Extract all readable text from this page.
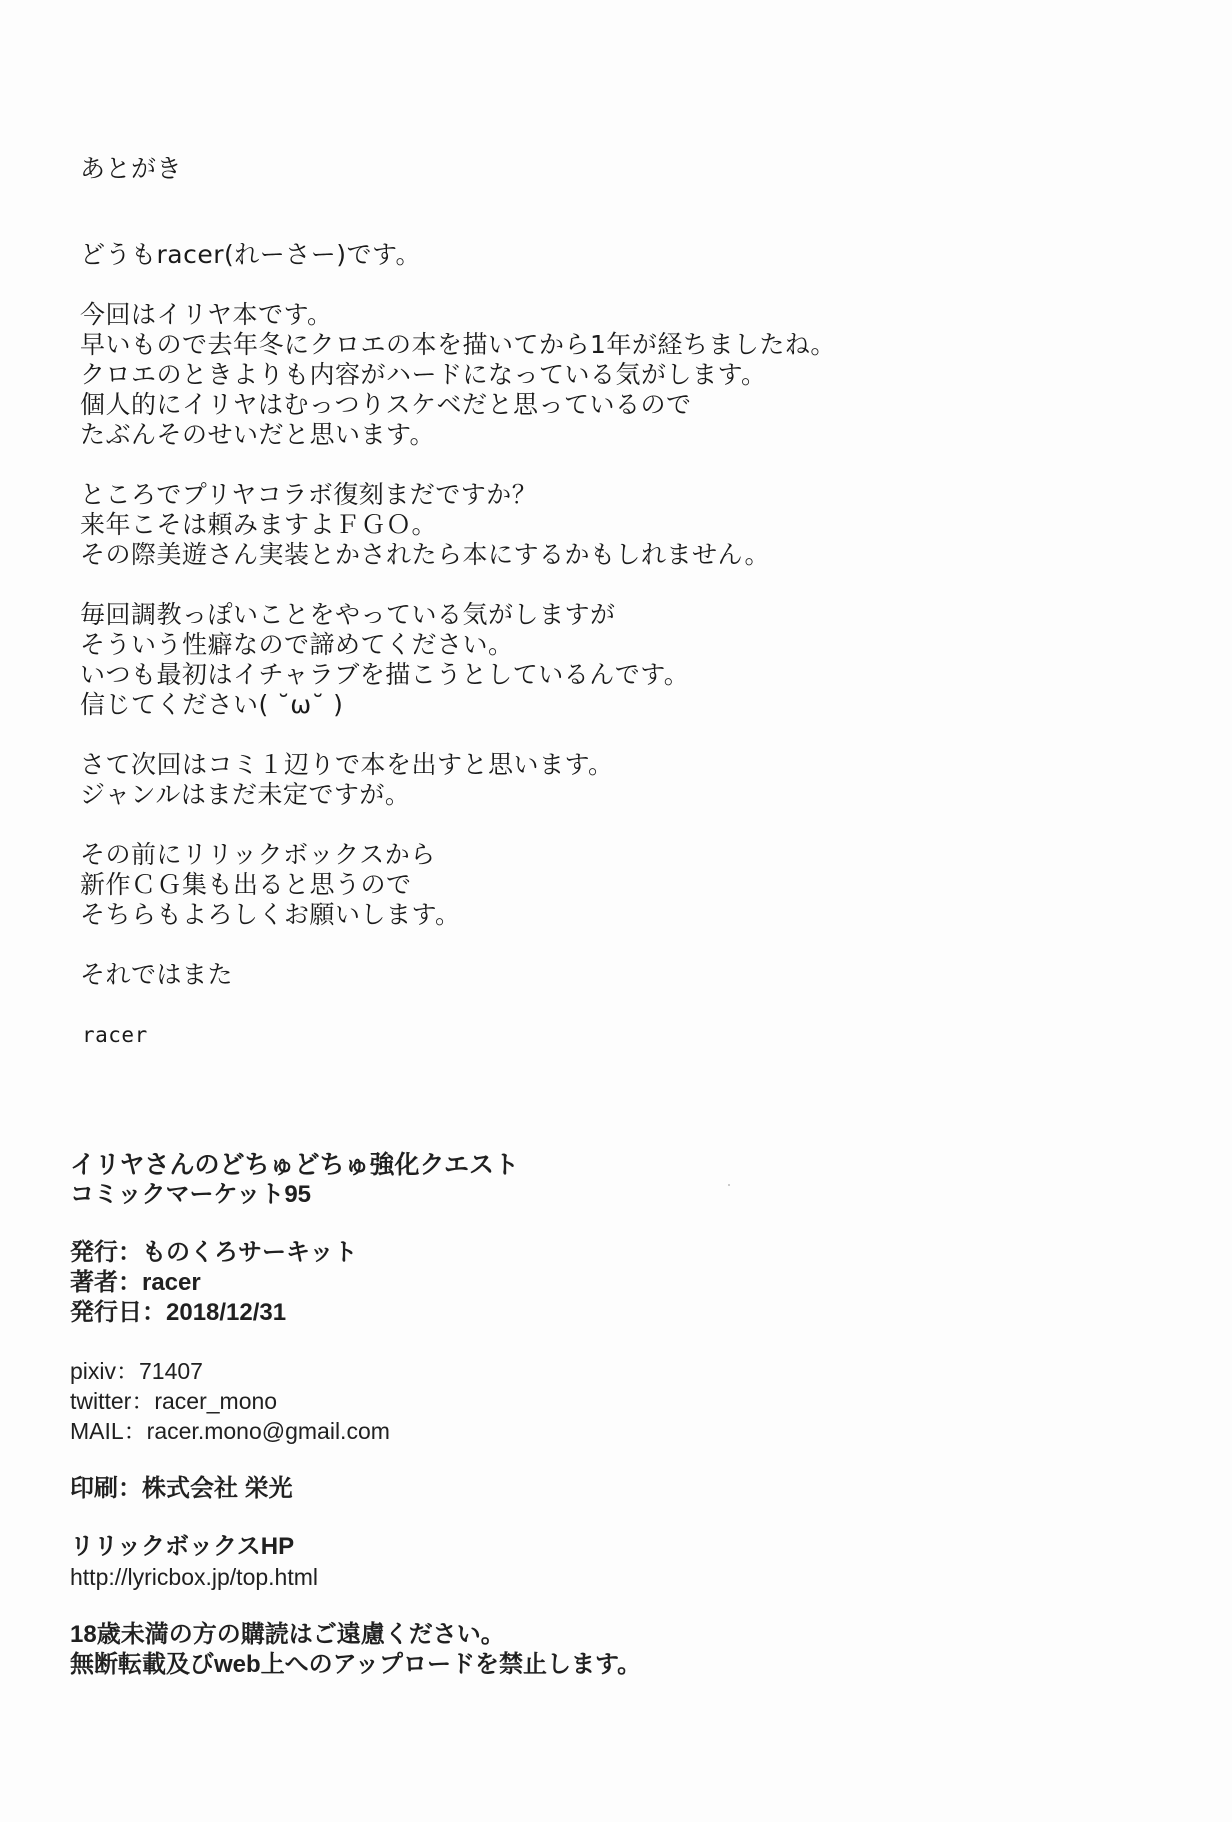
あとがき
どうもracer(れーさー)です。
今回はイリヤ本です。
早いもので去年冬にクロエの本を描いてから1年が経ちましたね。
クロエのときよりも内容がハードになっている気がします。
個人的にイリヤはむっつりスケベだと思っているので
たぶんそのせいだと思います。
ところでプリヤコラボ復刻まだですか？
来年こそは頼みますよＦＧＯ。
その際美遊さん実装とかされたら本にするかもしれません。
毎回調教っぽいことをやっている気がしますが
そういう性癖なので諦めてください。
いつも最初はイチャラブを描こうとしているんです。
信じてください( ˘ω˘ )
さて次回はコミ１辺りで本を出すと思います。
ジャンルはまだ未定ですが。
その前にリリックボックスから
新作ＣＧ集も出ると思うので
そちらもよろしくお願いします。
それではまた
racer
イリヤさんのどちゅどちゅ強化クエスト
コミックマーケット95
発行：ものくろサーキット
著者：racer
発行日：2018/12/31
pixiv：71407
twitter：racer_mono
MAIL：racer.mono@gmail.com
印刷：株式会社 栄光
リリックボックスHP
http://lyricbox.jp/top.html
18歳未満の方の購読はご遠慮ください。
無断転載及びweb上へのアップロードを禁止します。
